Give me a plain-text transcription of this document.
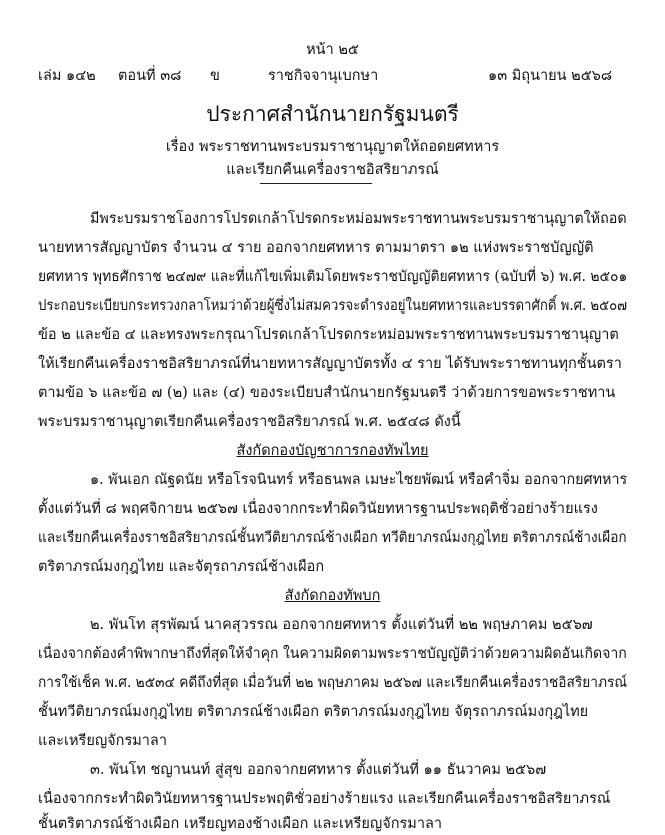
หน้า ๒๕
เล่ม ๑๔๒ ตอนที่ ๓๘ ข	ราชกิจจานุเบกษา	๑๓ มิถุนายน ๒๕๖๘
ประกาศสำนักนายกรัฐมนตรี
เรื่อง พระราชทานพระบรมราชานุญาตให้ถอดยศทหาร
และเรียกคืนเครื่องราชอิสริยาภรณ์
มีพระบรมราชโองการโปรดเกล้าโปรดกระหม่อมพระราชทานพระบรมราชานุญาตให้ถอด
นายทหารสัญญาบัตร จำนวน ๔ ราย ออกจากยศทหาร ตามมาตรา ๑๒ แห่งพระราชบัญญัติ
ยศทหาร พุทธศักราช ๒๔๗๙ และที่แก้ไขเพิ่มเติมโดยพระราชบัญญัติยศทหาร (ฉบับที่ ๖) พ.ศ. ๒๕๐๑
ประกอบระเบียบกระทรวงกลาโหมว่าด้วยผู้ซึ่งไม่สมควรจะดำรงอยู่ในยศทหารและบรรดาศักดิ์ พ.ศ. ๒๕๐๗
ข้อ ๒ และข้อ ๔ และทรงพระกรุณาโปรดเกล้าโปรดกระหม่อมพระราชทานพระบรมราชานุญาต
ให้เรียกคืนเครื่องราชอิสริยาภรณ์ที่นายทหารสัญญาบัตรทั้ง ๔ ราย ได้รับพระราชทานทุกชั้นตรา
ตามข้อ ๖ และข้อ ๗ (๒) และ (๔) ของระเบียบสำนักนายกรัฐมนตรี ว่าด้วยการขอพระราชทาน
พระบรมราชานุญาตเรียกคืนเครื่องราชอิสริยาภรณ์ พ.ศ. ๒๕๔๘ ดังนี้
สังกัดกองบัญชาการกองทัพไทย
๑. พันเอก ณัฐดนัย หรือโรจนินทร์ หรือธนพล เมษะไชยพัฒน์ หรือคำจิ่ม ออกจากยศทหาร
ตั้งแต่วันที่ ๘ พฤศจิกายน ๒๕๖๗ เนื่องจากกระทำผิดวินัยทหารฐานประพฤติชั่วอย่างร้ายแรง
และเรียกคืนเครื่องราชอิสริยาภรณ์ชั้นทวีติยาภรณ์ช้างเผือก ทวีติยาภรณ์มงกุฎไทย ตริตาภรณ์ช้างเผือก
ตริตาภรณ์มงกุฎไทย และจัตุรถาภรณ์ช้างเผือก
สังกัดกองทัพบก
๒. พันโท สุรพัฒน์ นาคสุวรรณ ออกจากยศทหาร ตั้งแต่วันที่ ๒๒ พฤษภาคม ๒๕๖๗
เนื่องจากต้องคำพิพากษาถึงที่สุดให้จำคุก ในความผิดตามพระราชบัญญัติว่าด้วยความผิดอันเกิดจาก
การใช้เช็ค พ.ศ. ๒๕๓๔ คดีถึงที่สุด เมื่อวันที่ ๒๒ พฤษภาคม ๒๕๖๗ และเรียกคืนเครื่องราชอิสริยาภรณ์
ชั้นทวีติยาภรณ์มงกุฎไทย ตริตาภรณ์ช้างเผือก ตริตาภรณ์มงกุฎไทย จัตุรถาภรณ์มงกุฎไทย
และเหรียญจักรมาลา
๓. พันโท ชญานนท์ สู่สุข ออกจากยศทหาร ตั้งแต่วันที่ ๑๑ ธันวาคม ๒๕๖๗
เนื่องจากกระทำผิดวินัยทหารฐานประพฤติชั่วอย่างร้ายแรง และเรียกคืนเครื่องราชอิสริยาภรณ์
ชั้นตริตาภรณ์ช้างเผือก เหรียญทองช้างเผือก และเหรียญจักรมาลา
